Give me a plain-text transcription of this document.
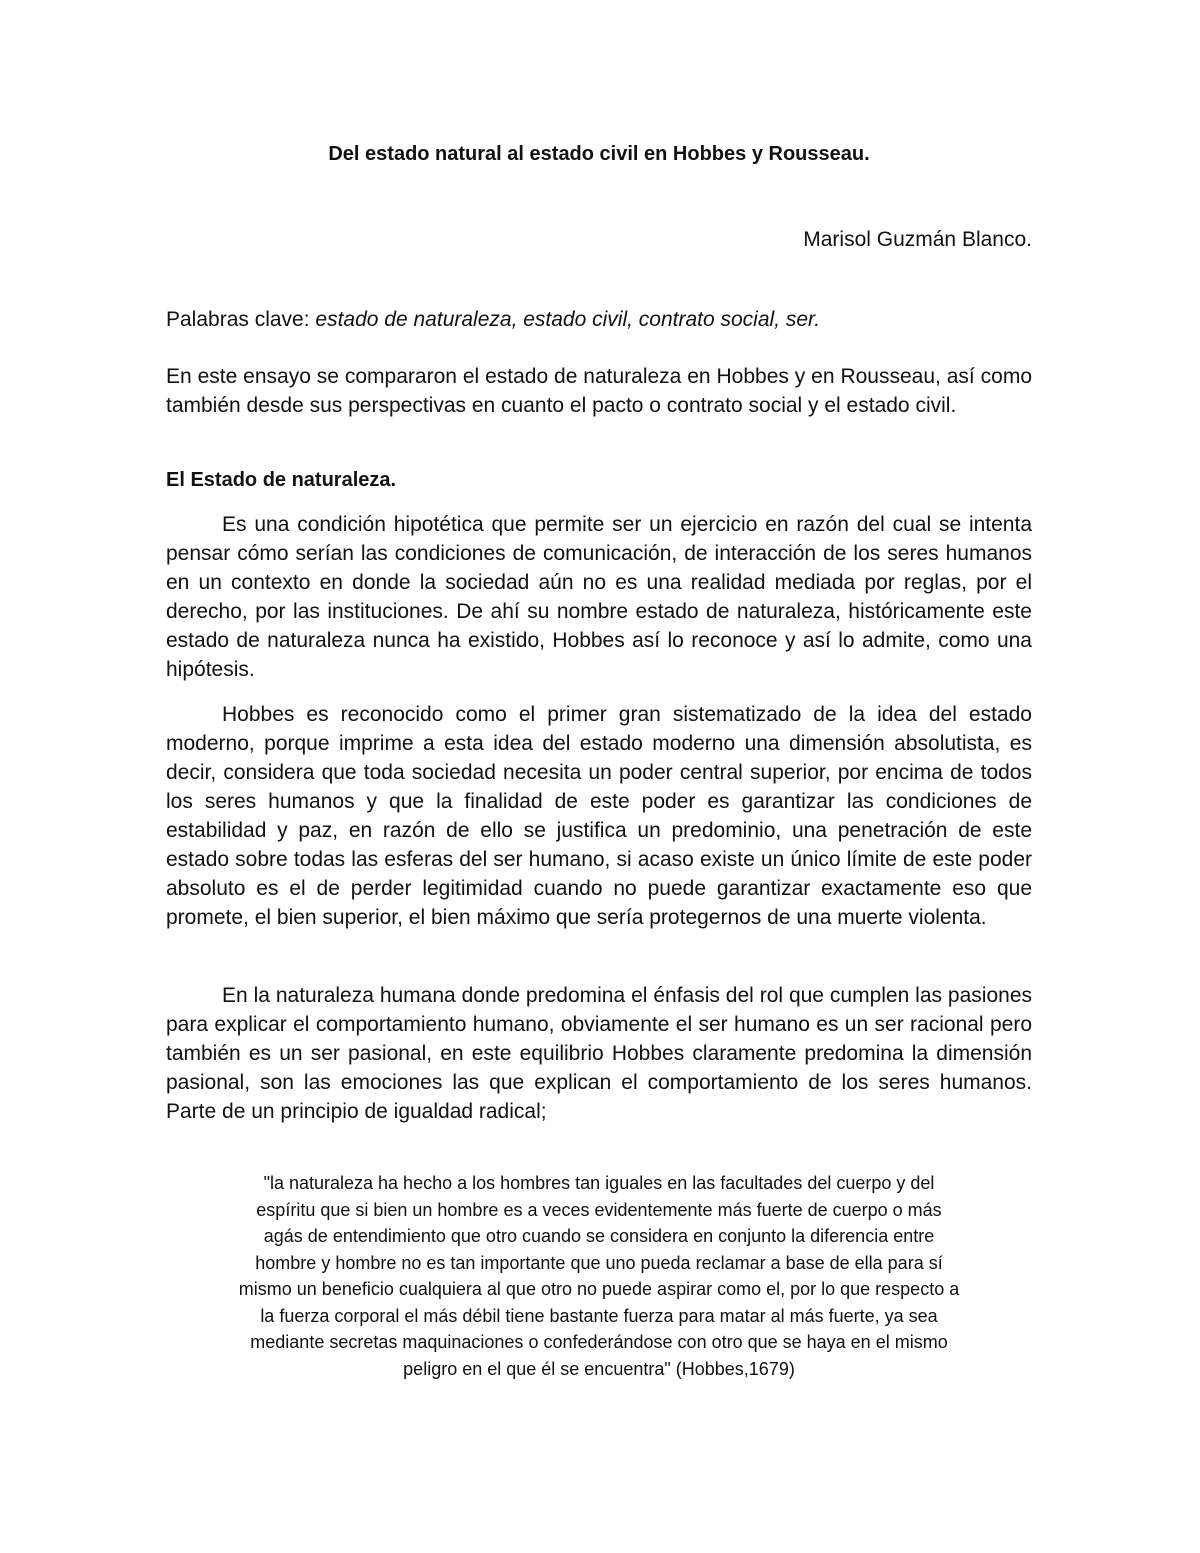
Del estado natural al estado civil en Hobbes y Rousseau.

Marisol Guzmán Blanco.

Palabras clave: estado de naturaleza, estado civil, contrato social, ser.

En este ensayo se compararon el estado de naturaleza en Hobbes y en Rousseau, así como también desde sus perspectivas en cuanto el pacto o contrato social y el estado civil.

El Estado de naturaleza.

Es una condición hipotética que permite ser un ejercicio en razón del cual se intenta pensar cómo serían las condiciones de comunicación, de interacción de los seres humanos en un contexto en donde la sociedad aún no es una realidad mediada por reglas, por el derecho, por las instituciones. De ahí su nombre estado de naturaleza, históricamente este estado de naturaleza nunca ha existido, Hobbes así lo reconoce y así lo admite, como una hipótesis.

Hobbes es reconocido como el primer gran sistematizado de la idea del estado moderno, porque imprime a esta idea del estado moderno una dimensión absolutista, es decir, considera que toda sociedad necesita un poder central superior, por encima de todos los seres humanos y que la finalidad de este poder es garantizar las condiciones de estabilidad y paz, en razón de ello se justifica un predominio, una penetración de este estado sobre todas las esferas del ser humano, si acaso existe un único límite de este poder absoluto es el de perder legitimidad cuando no puede garantizar exactamente eso que promete, el bien superior, el bien máximo que sería protegernos de una muerte violenta.

En la naturaleza humana donde predomina el énfasis del rol que cumplen las pasiones para explicar el comportamiento humano, obviamente el ser humano es un ser racional pero también es un ser pasional, en este equilibrio Hobbes claramente predomina la dimensión pasional, son las emociones las que explican el comportamiento de los seres humanos. Parte de un principio de igualdad radical;

"la naturaleza ha hecho a los hombres tan iguales en las facultades del cuerpo y del
espíritu que si bien un hombre es a veces evidentemente más fuerte de cuerpo o más
agás de entendimiento que otro cuando se considera en conjunto la diferencia entre
hombre y hombre no es tan importante que uno pueda reclamar a base de ella para sí
mismo un beneficio cualquiera al que otro no puede aspirar como el, por lo que respecto a
la fuerza corporal el más débil tiene bastante fuerza para matar al más fuerte, ya sea
mediante secretas maquinaciones o confederándose con otro que se haya en el mismo
peligro en el que él se encuentra" (Hobbes,1679)
